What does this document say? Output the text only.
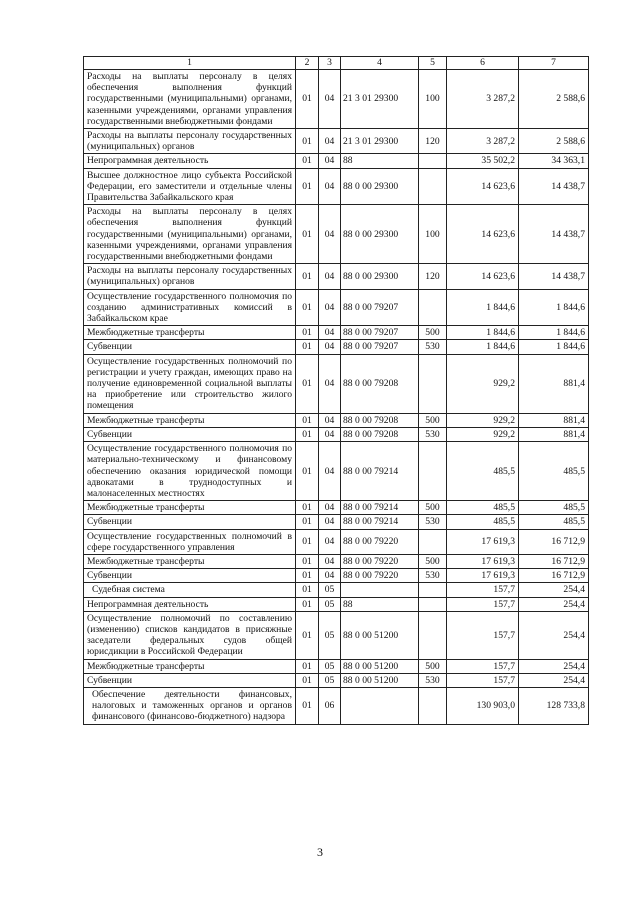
1	2	3	4	5	6	7
Расходы на выплаты персоналу в целях обеспечения выполнения функций государственными (муниципальными) органами, казенными учреждениями, органами управления государственными внебюджетными фондами	01	04	21 3 01 29300	100	3 287,2	2 588,6
Расходы на выплаты персоналу государственных (муниципальных) органов	01	04	21 3 01 29300	120	3 287,2	2 588,6
Непрограммная деятельность	01	04	88		35 502,2	34 363,1
Высшее должностное лицо субъекта Российской Федерации, его заместители и отдельные члены Правительства Забайкальского края	01	04	88 0 00 29300		14 623,6	14 438,7
Расходы на выплаты персоналу в целях обеспечения выполнения функций государственными (муниципальными) органами, казенными учреждениями, органами управления государственными внебюджетными фондами	01	04	88 0 00 29300	100	14 623,6	14 438,7
Расходы на выплаты персоналу государственных (муниципальных) органов	01	04	88 0 00 29300	120	14 623,6	14 438,7
Осуществление государственного полномочия по созданию административных комиссий в Забайкальском крае	01	04	88 0 00 79207		1 844,6	1 844,6
Межбюджетные трансферты	01	04	88 0 00 79207	500	1 844,6	1 844,6
Субвенции	01	04	88 0 00 79207	530	1 844,6	1 844,6
Осуществление государственных полномочий по регистрации и учету граждан, имеющих право на получение единовременной социальной выплаты на приобретение или строительство жилого помещения	01	04	88 0 00 79208		929,2	881,4
Межбюджетные трансферты	01	04	88 0 00 79208	500	929,2	881,4
Субвенции	01	04	88 0 00 79208	530	929,2	881,4
Осуществление государственного полномочия по материально-техническому и финансовому обеспечению оказания юридической помощи адвокатами в труднодоступных и малонаселенных местностях	01	04	88 0 00 79214		485,5	485,5
Межбюджетные трансферты	01	04	88 0 00 79214	500	485,5	485,5
Субвенции	01	04	88 0 00 79214	530	485,5	485,5
Осуществление государственных полномочий в сфере государственного управления	01	04	88 0 00 79220		17 619,3	16 712,9
Межбюджетные трансферты	01	04	88 0 00 79220	500	17 619,3	16 712,9
Субвенции	01	04	88 0 00 79220	530	17 619,3	16 712,9
Судебная система	01	05			157,7	254,4
Непрограммная деятельность	01	05	88		157,7	254,4
Осуществление полномочий по составлению (изменению) списков кандидатов в присяжные заседатели федеральных судов общей юрисдикции в Российской Федерации	01	05	88 0 00 51200		157,7	254,4
Межбюджетные трансферты	01	05	88 0 00 51200	500	157,7	254,4
Субвенции	01	05	88 0 00 51200	530	157,7	254,4
Обеспечение деятельности финансовых, налоговых и таможенных органов и органов финансового (финансово-бюджетного) надзора	01	06			130 903,0	128 733,8
3
